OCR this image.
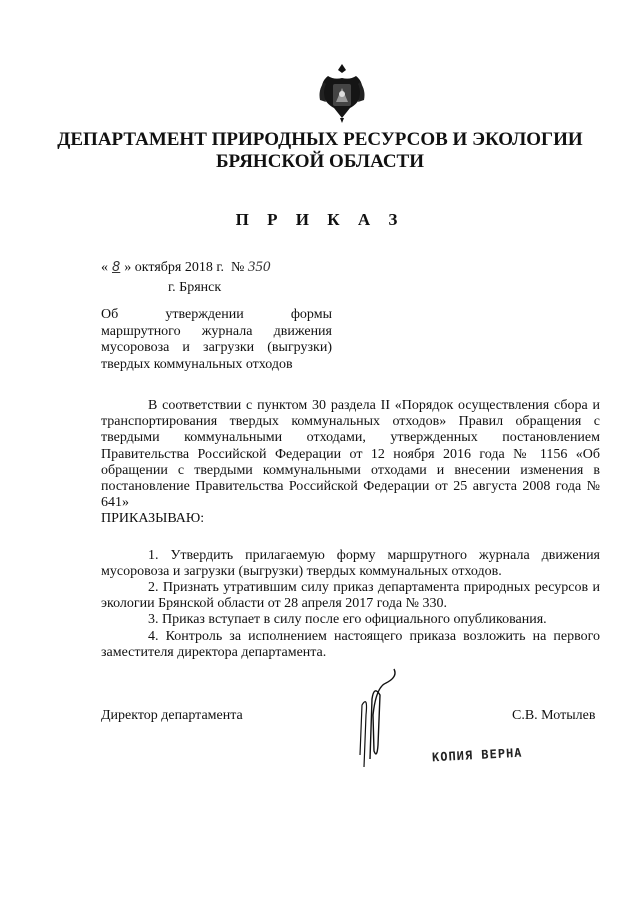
ДЕПАРТАМЕНТ ПРИРОДНЫХ РЕСУРСОВ И ЭКОЛОГИИ
БРЯНСКОЙ ОБЛАСТИ
П Р И К А З
« 8 » октября 2018 г. № 350
г. Брянск
Об утверждении формы
маршрутного журнала движения
мусоровоза и загрузки (выгрузки)
твердых коммунальных отходов

В соответствии с пунктом 30 раздела II «Порядок осуществления сбора и транспортирования твердых коммунальных отходов» Правил обращения с твердыми коммунальными отходами, утвержденных постановлением Правительства Российской Федерации от 12 ноября 2016 года № 1156 «Об обращении с твердыми коммунальными отходами и внесении изменения в постановление Правительства Российской Федерации от 25 августа 2008 года № 641»

ПРИКАЗЫВАЮ:

1. Утвердить прилагаемую форму маршрутного журнала движения мусоровоза и загрузки (выгрузки) твердых коммунальных отходов.

2. Признать утратившим силу приказ департамента природных ресурсов и экологии Брянской области от 28 апреля 2017 года № 330.

3. Приказ вступает в силу после его официального опубликования.

4. Контроль за исполнением настоящего приказа возложить на первого заместителя директора департамента.

Директор департамента	С.В. Мотылев
КОПИЯ ВЕРНА
